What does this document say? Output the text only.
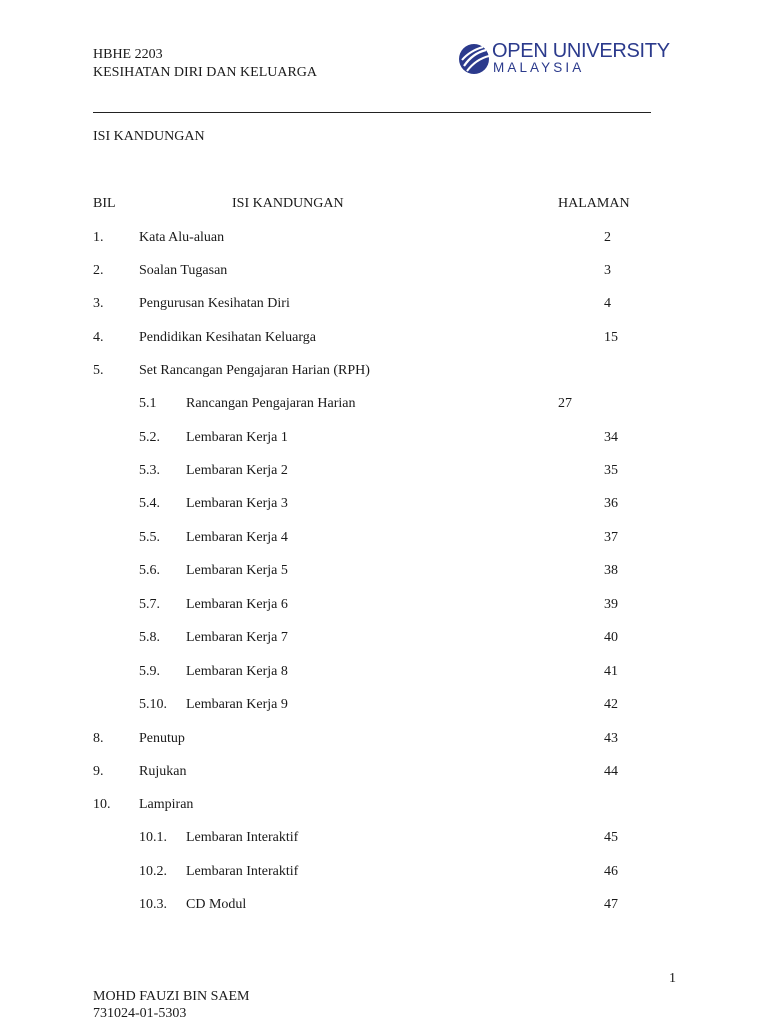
HBHE 2203
KESIHATAN DIRI DAN KELUARGA
OPEN UNIVERSITY
MALAYSIA
ISI KANDUNGAN
BIL	ISI KANDUNGAN	HALAMAN
1.	Kata Alu-aluan	2
2.	Soalan Tugasan	3
3.	Pengurusan Kesihatan Diri	4
4.	Pendidikan Kesihatan Keluarga	15
5.	Set Rancangan Pengajaran Harian (RPH)
5.1 Rancangan Pengajaran Harian	27
5.2. Lembaran Kerja 1	34
5.3. Lembaran Kerja 2	35
5.4. Lembaran Kerja 3	36
5.5. Lembaran Kerja 4	37
5.6. Lembaran Kerja 5	38
5.7. Lembaran Kerja 6	39
5.8. Lembaran Kerja 7	40
5.9. Lembaran Kerja 8	41
5.10. Lembaran Kerja 9	42
8.	Penutup	43
9.	Rujukan	44
10. Lampiran
10.1. Lembaran Interaktif	45
10.2. Lembaran Interaktif	46
10.3. CD Modul	47
1
MOHD FAUZI BIN SAEM
731024-01-5303
